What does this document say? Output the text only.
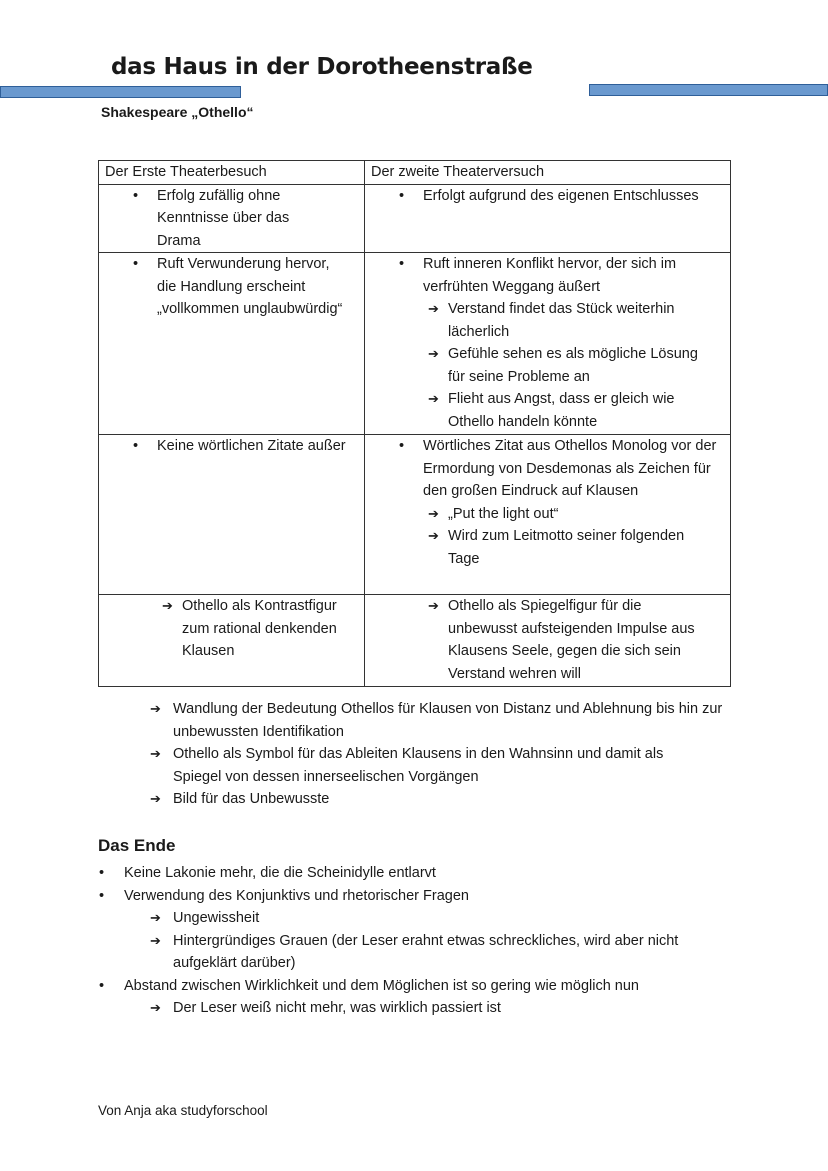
das Haus in der Dorotheenstraße
Shakespeare „Othello“
Der Erste Theaterbesuch	Der zweite Theaterversuch

• Erfolg zufällig ohne Kenntnisse über das Drama	• Erfolgt aufgrund des eigenen Entschlusses

• Ruft Verwunderung hervor, die Handlung erscheint „vollkommen unglaubwürdig“	• Ruft inneren Konflikt hervor, der sich im verfrühten Weggang äußert
➔ Verstand findet das Stück weiterhin lächerlich
➔ Gefühle sehen es als mögliche Lösung für seine Probleme an
➔ Flieht aus Angst, dass er gleich wie Othello handeln könnte

• Keine wörtlichen Zitate außer	• Wörtliches Zitat aus Othellos Monolog vor der Ermordung von Desdemonas als Zeichen für den großen Eindruck auf Klausen
➔ „Put the light out“
➔ Wird zum Leitmotto seiner folgenden Tage

➔ Othello als Kontrastfigur zum rational denkenden Klausen	➔ Othello als Spiegelfigur für die unbewusst aufsteigenden Impulse aus Klausens Seele, gegen die sich sein Verstand wehren will
➔ Wandlung der Bedeutung Othellos für Klausen von Distanz und Ablehnung bis hin zur unbewussten Identifikation
➔ Othello als Symbol für das Ableiten Klausens in den Wahnsinn und damit als Spiegel von dessen innerseelischen Vorgängen
➔ Bild für das Unbewusste
Das Ende
• Keine Lakonie mehr, die die Scheinidylle entlarvt
• Verwendung des Konjunktivs und rhetorischer Fragen
➔ Ungewissheit
➔ Hintergründiges Grauen (der Leser erahnt etwas schreckliches, wird aber nicht aufgeklärt darüber)
• Abstand zwischen Wirklichkeit und dem Möglichen ist so gering wie möglich nun
➔ Der Leser weiß nicht mehr, was wirklich passiert ist
Von Anja aka studyforschool
